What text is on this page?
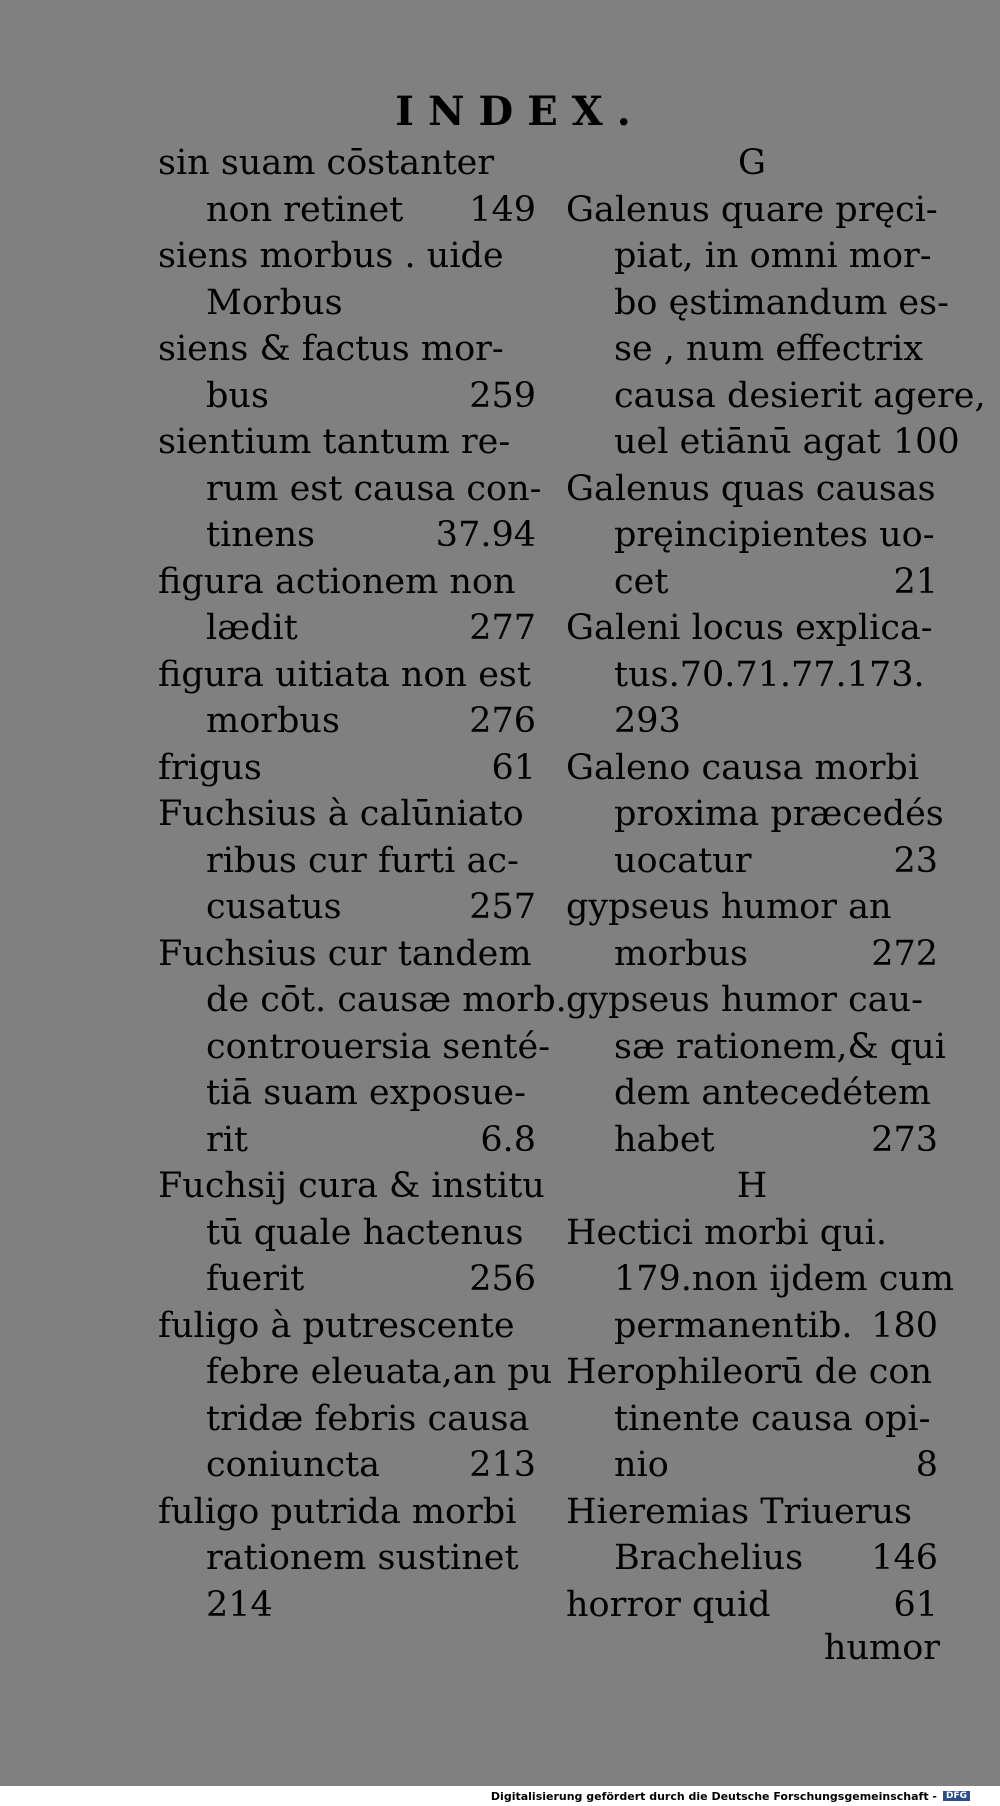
INDEX.
sin suam cōstanter
non retinet	149
siens morbus . uide
Morbus
siens & factus mor-
bus	259
sientium tantum re-
rum est causa con-
tinens	37.94
figura actionem non
lædit	277
figura uitiata non est
morbus	276
frigus	61
Fuchsius à calūniato
ribus cur furti ac-
cusatus	257
Fuchsius cur tandem
de cōt. causæ morb.
controuersia senté-
tiā suam exposue-
rit	6.8
Fuchsij cura & institu
tū quale hactenus
fuerit	256
fuligo à putrescente
febre eleuata,an pu
tridæ febris causa
coniuncta	213
fuligo putrida morbi
rationem sustinet
214
G
Galenus quare pręci-
piat, in omni mor-
bo ęstimandum es-
se , num effectrix
causa desierit agere,
uel etiānū agat 100
Galenus quas causas
pręincipientes uo-
cet	21
Galeni locus explica-
tus.70.71.77.173.
293
Galeno causa morbi
proxima præcedés
uocatur	23
gypseus humor an
morbus	272
gypseus humor cau-
sæ rationem,& qui
dem antecedétem
habet	273
H
Hectici morbi qui.
179.non ijdem cum
permanentib. 180
Herophileorū de con
tinente causa opi-
nio	8
Hieremias Triuerus
Brachelius	146
horror quid	61
humor
Digitalisierung gefördert durch die Deutsche Forschungsgemeinschaft -	DFG
